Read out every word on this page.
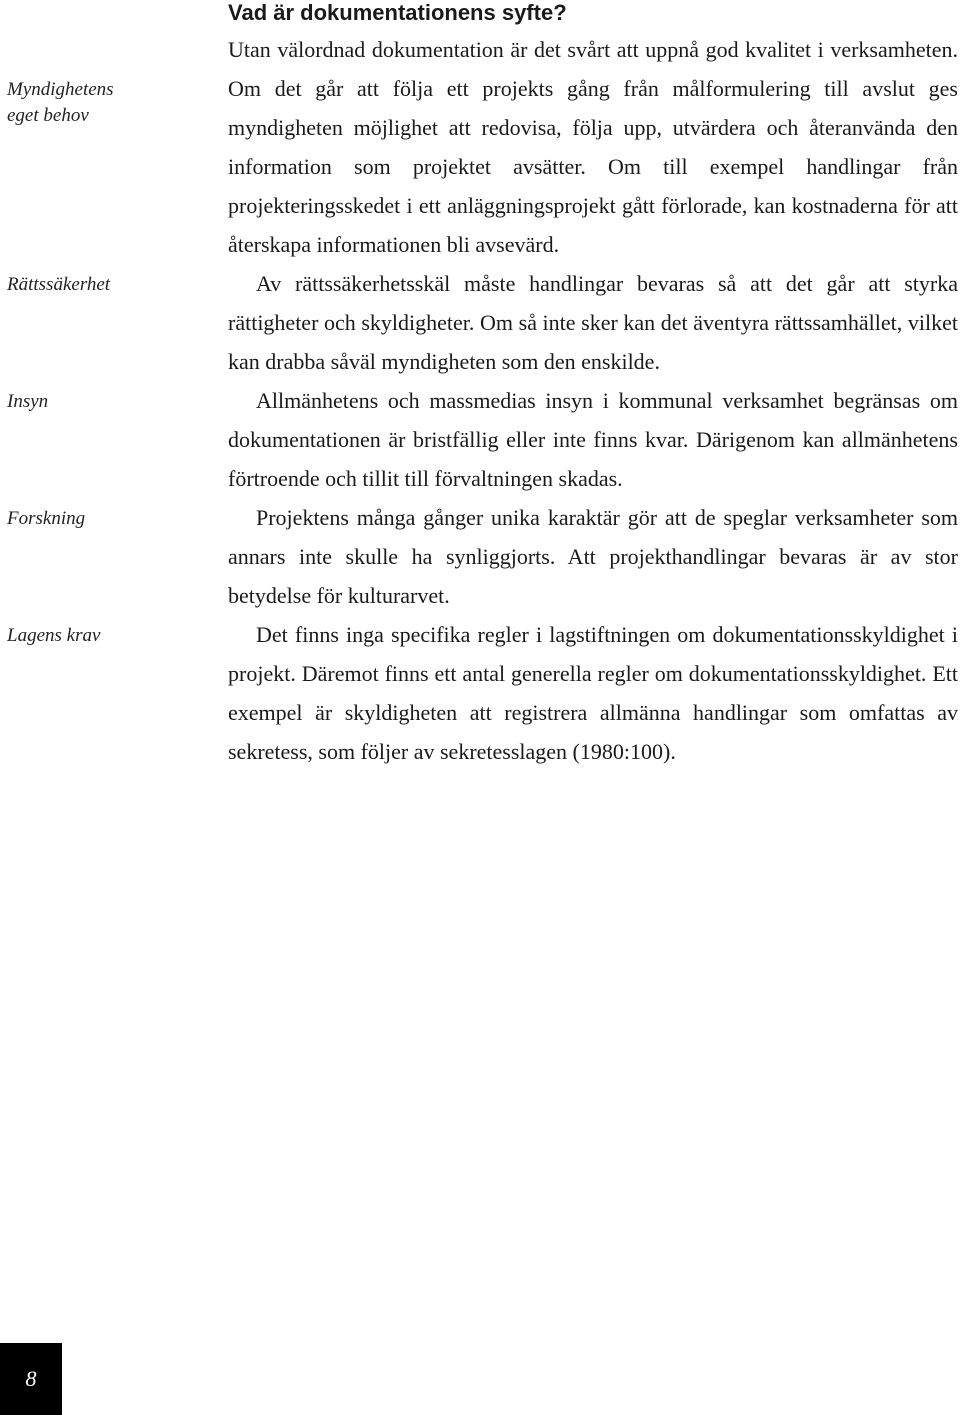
Vad är dokumentationens syfte?
Myndighetens eget behov
Rättssäkerhet
Insyn
Forskning
Lagens krav

Utan välordnad dokumentation är det svårt att uppnå god kvalitet i verksamheten. Om det går att följa ett projekts gång från målformulering till avslut ges myndigheten möjlighet att redovisa, följa upp, utvärdera och återanvända den information som projektet avsätter. Om till exempel handlingar från projekteringsskedet i ett anläggningsprojekt gått förlorade, kan kostnaderna för att återskapa informationen bli avsevärd.

Av rättssäkerhetsskäl måste handlingar bevaras så att det går att styrka rättigheter och skyldigheter. Om så inte sker kan det äventyra rättssamhället, vilket kan drabba såväl myndigheten som den enskilde.

Allmänhetens och massmedias insyn i kommunal verksamhet begränsas om dokumentationen är bristfällig eller inte finns kvar. Därigenom kan allmänhetens förtroende och tillit till förvaltningen skadas.

Projektens många gånger unika karaktär gör att de speglar verksamheter som annars inte skulle ha synliggjorts. Att projekthandlingar bevaras är av stor betydelse för kulturarvet.

Det finns inga specifika regler i lagstiftningen om dokumentationsskyldighet i projekt. Däremot finns ett antal generella regler om dokumentationsskyldighet. Ett exempel är skyldigheten att registrera allmänna handlingar som omfattas av sekretess, som följer av sekretesslagen (1980:100).

8
